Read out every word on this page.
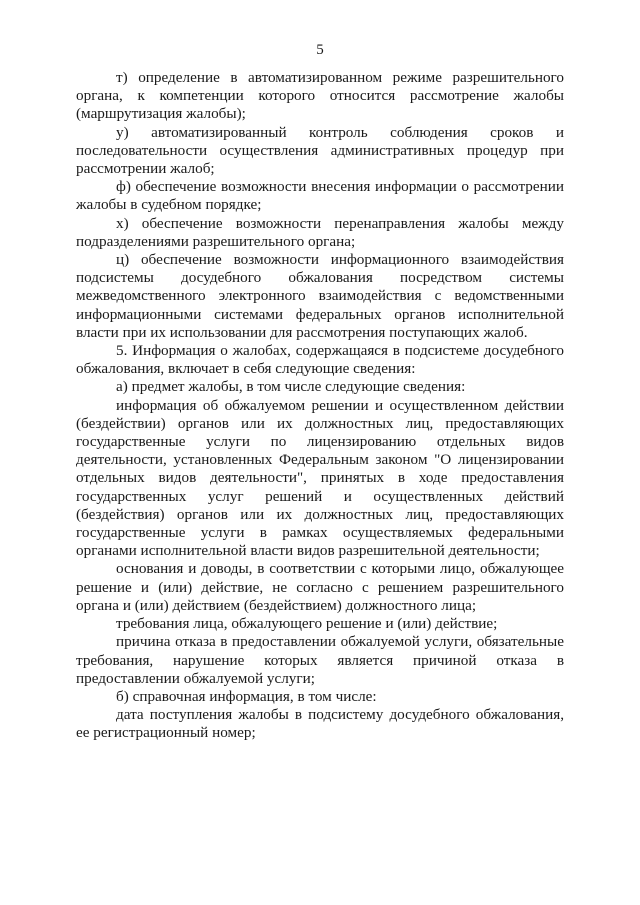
5

т) определение в автоматизированном режиме разрешительного органа, к компетенции которого относится рассмотрение жалобы (маршрутизация жалобы);

у) автоматизированный контроль соблюдения сроков и последовательности осуществления административных процедур при рассмотрении жалоб;

ф) обеспечение возможности внесения информации о рассмотрении жалобы в судебном порядке;

х) обеспечение возможности перенаправления жалобы между подразделениями разрешительного органа;

ц) обеспечение возможности информационного взаимодействия подсистемы досудебного обжалования посредством системы межведомственного электронного взаимодействия с ведомственными информационными системами федеральных органов исполнительной власти при их использовании для рассмотрения поступающих жалоб.

5. Информация о жалобах, содержащаяся в подсистеме досудебного обжалования, включает в себя следующие сведения:

а) предмет жалобы, в том числе следующие сведения:

информация об обжалуемом решении и осуществленном действии (бездействии) органов или их должностных лиц, предоставляющих государственные услуги по лицензированию отдельных видов деятельности, установленных Федеральным законом "О лицензировании отдельных видов деятельности", принятых в ходе предоставления государственных услуг решений и осуществленных действий (бездействия) органов или их должностных лиц, предоставляющих государственные услуги в рамках осуществляемых федеральными органами исполнительной власти видов разрешительной деятельности;

основания и доводы, в соответствии с которыми лицо, обжалующее решение и (или) действие, не согласно с решением разрешительного органа и (или) действием (бездействием) должностного лица;

требования лица, обжалующего решение и (или) действие;

причина отказа в предоставлении обжалуемой услуги, обязательные требования, нарушение которых является причиной отказа в предоставлении обжалуемой услуги;

б) справочная информация, в том числе:

дата поступления жалобы в подсистему досудебного обжалования, ее регистрационный номер;
